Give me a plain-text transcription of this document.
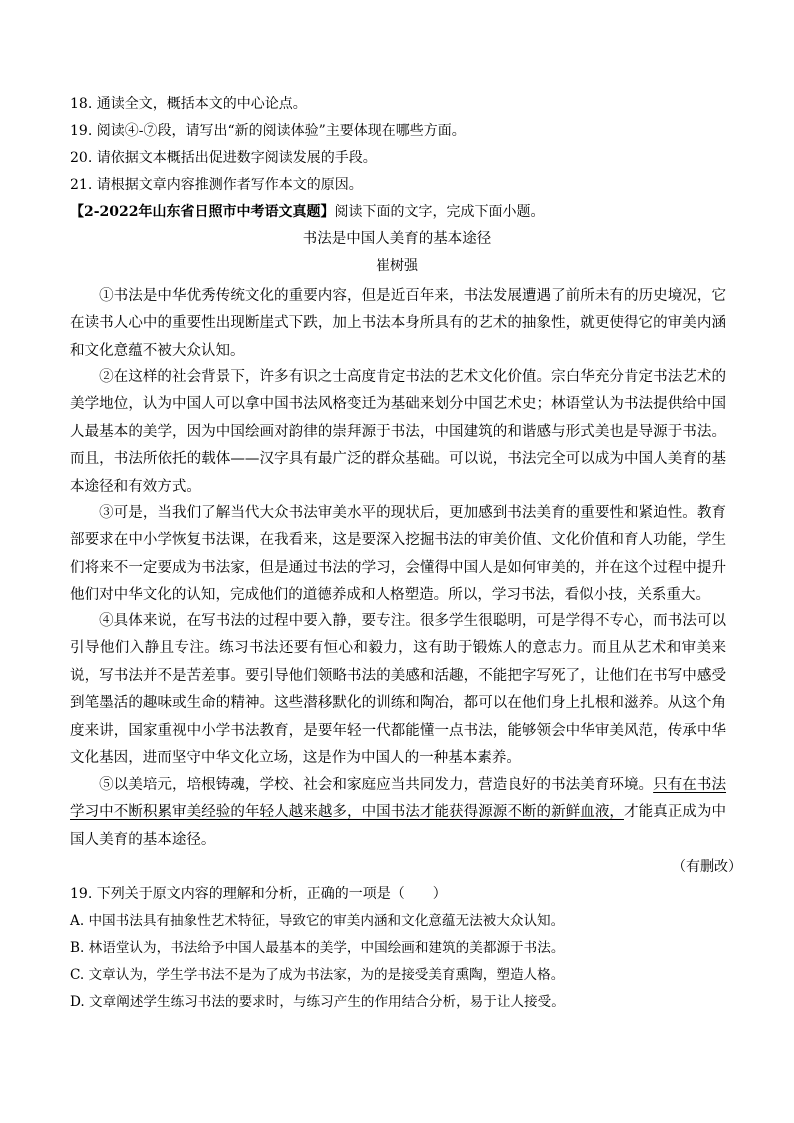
18. 通读全文，概括本文的中心论点。
19. 阅读④-⑦段，请写出“新的阅读体验”主要体现在哪些方面。
20. 请依据文本概括出促进数字阅读发展的手段。
21. 请根据文章内容推测作者写作本文的原因。
【2-2022年山东省日照市中考语文真题】阅读下面的文字，完成下面小题。
书法是中国人美育的基本途径
崔树强

①书法是中华优秀传统文化的重要内容，但是近百年来，书法发展遭遇了前所未有的历史境况，它在读书人心中的重要性出现断崖式下跌，加上书法本身所具有的艺术的抽象性，就更使得它的审美内涵和文化意蕴不被大众认知。

②在这样的社会背景下，许多有识之士高度肯定书法的艺术文化价值。宗白华充分肯定书法艺术的美学地位，认为中国人可以拿中国书法风格变迁为基础来划分中国艺术史；林语堂认为书法提供给中国人最基本的美学，因为中国绘画对韵律的崇拜源于书法，中国建筑的和谐感与形式美也是导源于书法。而且，书法所依托的载体——汉字具有最广泛的群众基础。可以说，书法完全可以成为中国人美育的基本途径和有效方式。

③可是，当我们了解当代大众书法审美水平的现状后，更加感到书法美育的重要性和紧迫性。教育部要求在中小学恢复书法课，在我看来，这是要深入挖掘书法的审美价值、文化价值和育人功能，学生们将来不一定要成为书法家，但是通过书法的学习，会懂得中国人是如何审美的，并在这个过程中提升他们对中华文化的认知，完成他们的道德养成和人格塑造。所以，学习书法，看似小技，关系重大。

④具体来说，在写书法的过程中要入静，要专注。很多学生很聪明，可是学得不专心，而书法可以引导他们入静且专注。练习书法还要有恒心和毅力，这有助于锻炼人的意志力。而且从艺术和审美来说，写书法并不是苦差事。要引导他们领略书法的美感和活趣，不能把字写死了，让他们在书写中感受到笔墨活的趣味或生命的精神。这些潜移默化的训练和陶冶，都可以在他们身上扎根和滋养。从这个角度来讲，国家重视中小学书法教育，是要年轻一代都能懂一点书法，能够领会中华审美风范，传承中华文化基因，进而坚守中华文化立场，这是作为中国人的一种基本素养。

⑤以美培元，培根铸魂，学校、社会和家庭应当共同发力，营造良好的书法美育环境。只有在书法学习中不断积累审美经验的年轻人越来越多，中国书法才能获得源源不断的新鲜血液，才能真正成为中国人美育的基本途径。

（有删改）
19. 下列关于原文内容的理解和分析，正确的一项是（　　）
A. 中国书法具有抽象性艺术特征，导致它的审美内涵和文化意蕴无法被大众认知。
B. 林语堂认为，书法给予中国人最基本的美学，中国绘画和建筑的美都源于书法。
C. 文章认为，学生学书法不是为了成为书法家，为的是接受美育熏陶，塑造人格。
D. 文章阐述学生练习书法的要求时，与练习产生的作用结合分析，易于让人接受。
